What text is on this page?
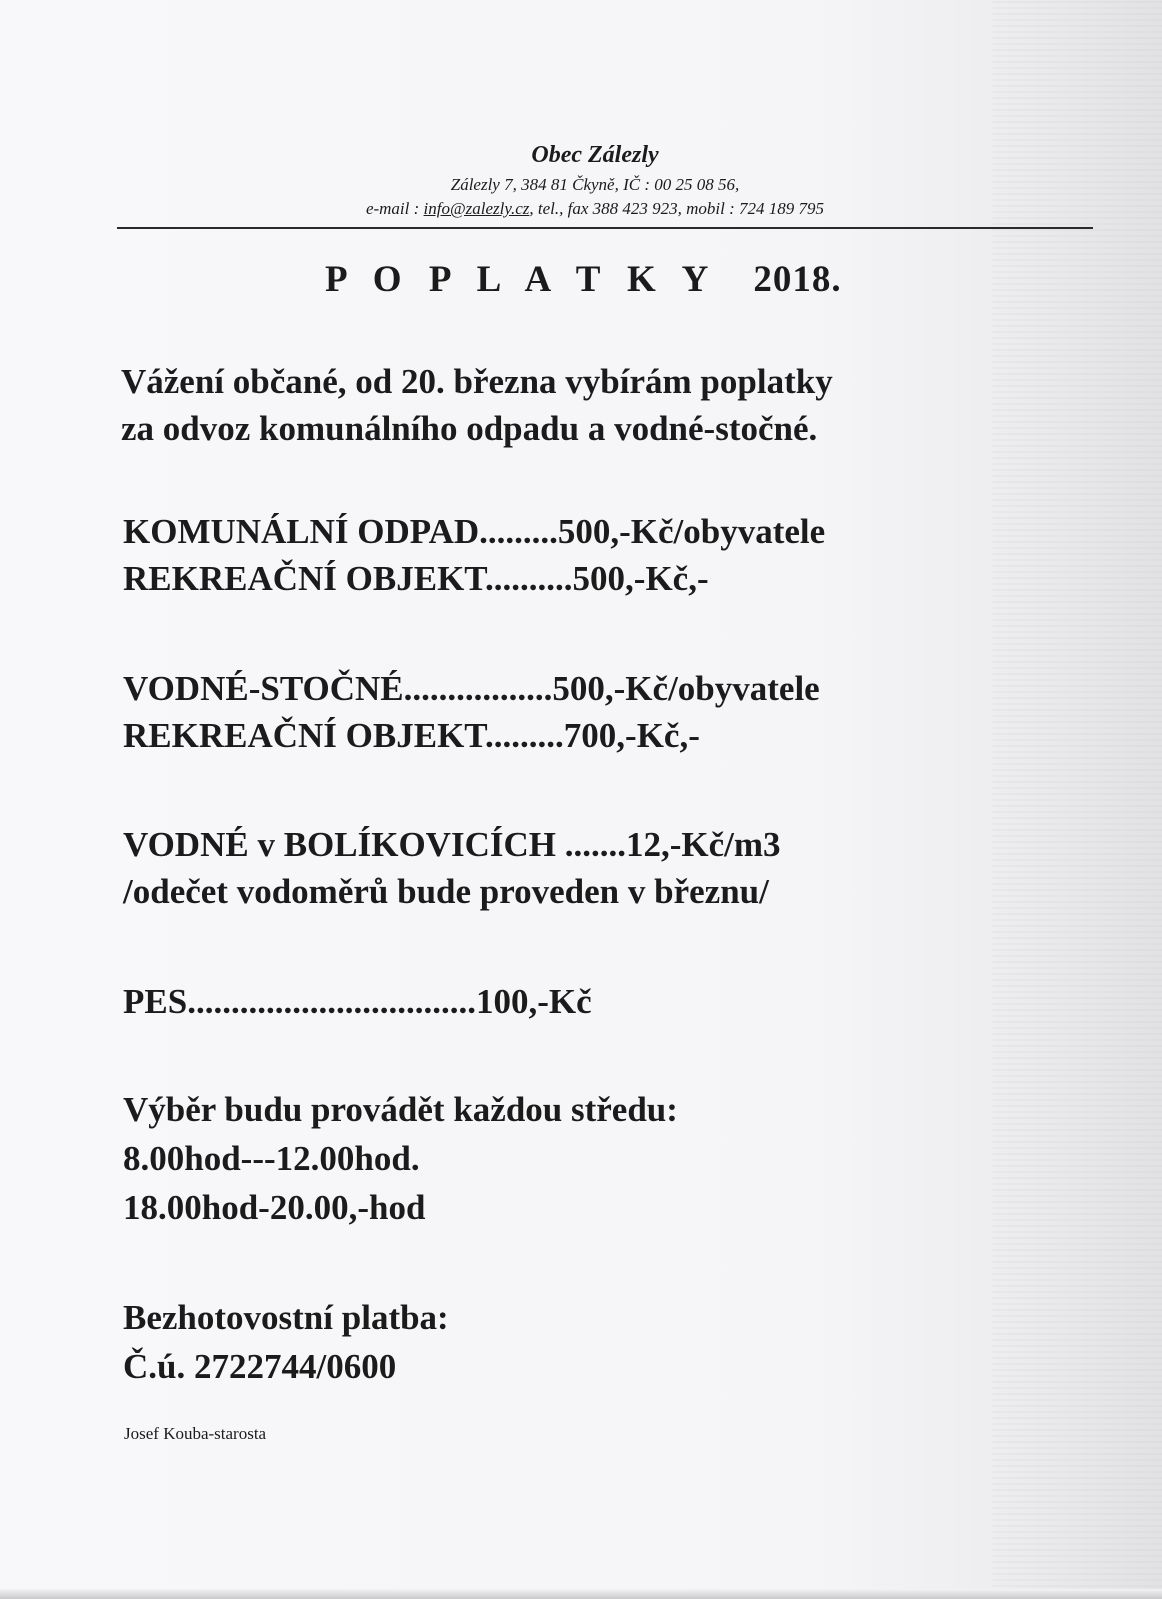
Obec Zálezly
Zálezly 7, 384 81 Čkyně, IČ : 00 25 08 56,
e-mail : info@zalezly.cz, tel., fax 388 423 923, mobil : 724 189 795
P O P L A T K Y 2018.
Vážení občané, od 20. března vybírám poplatky
za odvoz komunálního odpadu a vodné-stočné.
KOMUNÁLNÍ ODPAD.........500,-Kč/obyvatele
REKREAČNÍ OBJEKT..........500,-Kč,-
VODNÉ-STOČNÉ.................500,-Kč/obyvatele
REKREAČNÍ OBJEKT.........700,-Kč,-
VODNÉ v BOLÍKOVICÍCH .......12,-Kč/m3
/odečet vodoměrů bude proveden v březnu/
PES.................................100,-Kč
Výběr budu provádět každou středu:
8.00hod---12.00hod.
18.00hod-20.00,-hod
Bezhotovostní platba:
Č.ú. 2722744/0600
Josef Kouba-starosta
